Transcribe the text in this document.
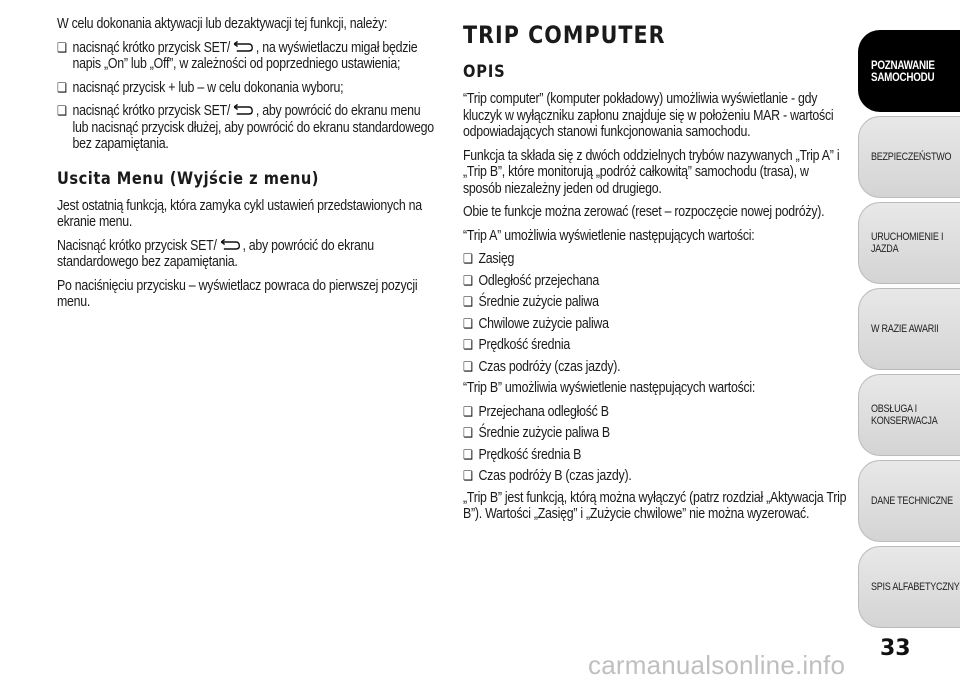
W celu dokonania aktywacji lub dezaktywacji tej funkcji, należy:

❏ nacisnąć krótko przycisk SET/ , na wyświetlaczu migał będzie napis „On” lub „Off”, w zależności od poprzedniego ustawienia;
❏ nacisnąć przycisk + lub – w celu dokonania wyboru;
❏ nacisnąć krótko przycisk SET/ , aby powrócić do ekranu menu lub nacisnąć przycisk dłużej, aby powrócić do ekranu standardowego bez zapamiętania.
Uscita Menu (Wyjście z menu)

Jest ostatnią funkcją, która zamyka cykl ustawień przedstawionych na ekranie menu.

Nacisnąć krótko przycisk SET/ , aby powrócić do ekranu standardowego bez zapamiętania.

Po naciśnięciu przycisku – wyświetlacz powraca do pierwszej pozycji menu.

TRIP COMPUTER
OPIS

“Trip computer” (komputer pokładowy) umożliwia wyświetlanie - gdy kluczyk w wyłączniku zapłonu znajduje się w położeniu MAR - wartości odpowiadających stanowi funkcjonowania samochodu.

Funkcja ta składa się z dwóch oddzielnych trybów nazywanych „Trip A” i „Trip B”, które monitorują „podróż całkowitą” samochodu (trasa), w sposób niezależny jeden od drugiego.

Obie te funkcje można zerować (reset – rozpoczęcie nowej podróży).

“Trip A” umożliwia wyświetlenie następujących wartości:

❏ Zasięg
❏ Odległość przejechana
❏ Średnie zużycie paliwa
❏ Chwilowe zużycie paliwa
❏ Prędkość średnia
❏ Czas podróży (czas jazdy).

“Trip B” umożliwia wyświetlenie następujących wartości:

❏ Przejechana odległość B
❏ Średnie zużycie paliwa B
❏ Prędkość średnia B
❏ Czas podróży B (czas jazdy).

„Trip B” jest funkcją, którą można wyłączyć (patrz rozdział „Aktywacja Trip B”). Wartości „Zasięg” i „Zużycie chwilowe” nie można wyzerować.

POZNAWANIE
SAMOCHODU
BEZPIECZEŃSTWO
URUCHOMIENIE I
JAZDA
W RAZIE AWARII
OBSŁUGA I
KONSERWACJA
DANE TECHNICZNE
SPIS ALFABETYCZNY
33
carmanualsonline.info
